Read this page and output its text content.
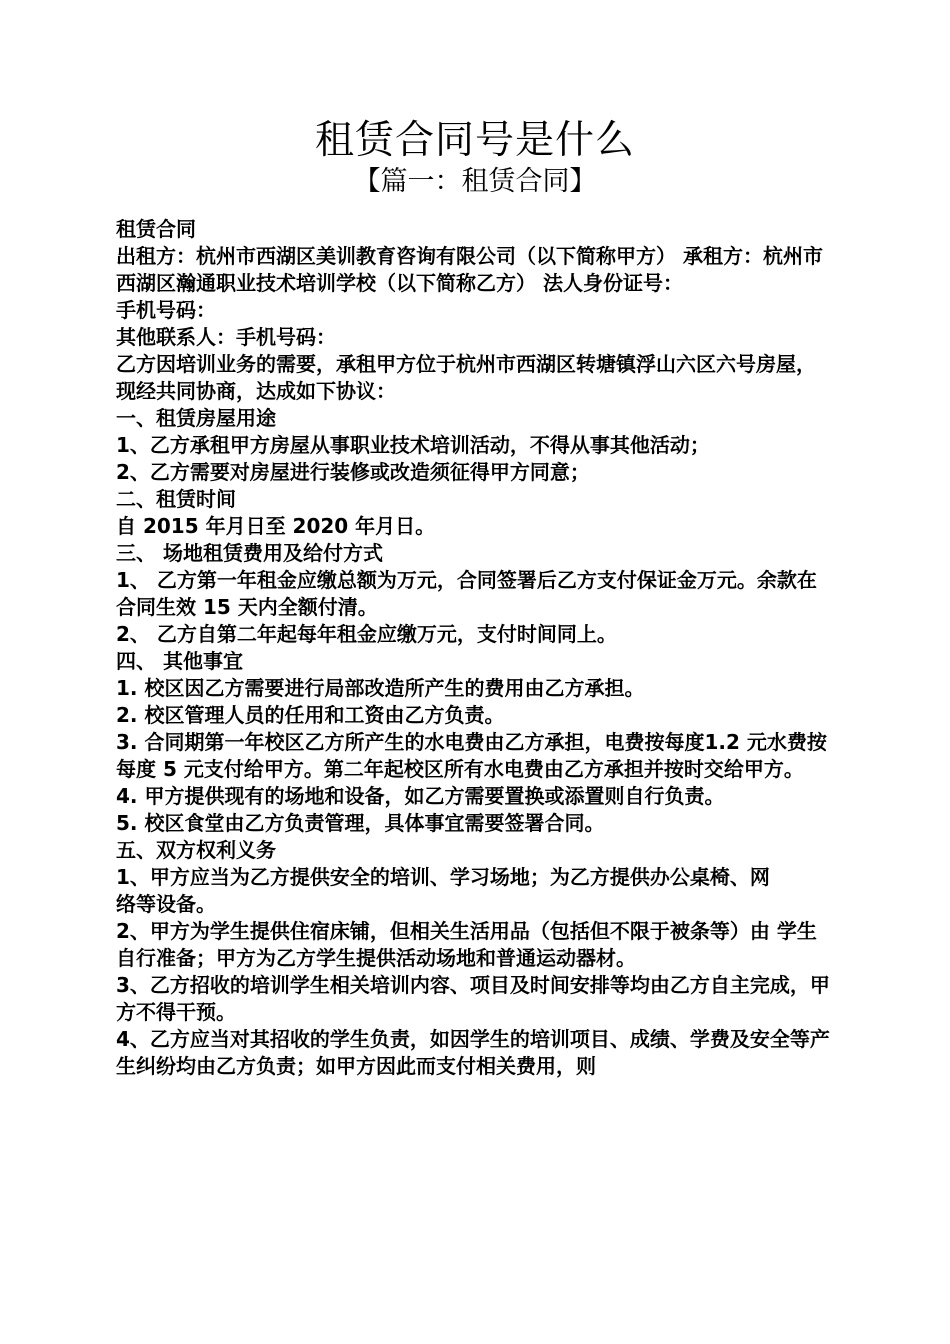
租赁合同号是什么
【篇一：租赁合同】
租赁合同
出租方：杭州市西湖区美训教育咨询有限公司（以下简称甲方） 承租方：杭州市西湖区瀚通职业技术培训学校（以下简称乙方） 法人身份证号：
手机号码：
其他联系人：手机号码：
乙方因培训业务的需要，承租甲方位于杭州市西湖区转塘镇浮山六区六号房屋，现经共同协商，达成如下协议：
一、租赁房屋用途
1、乙方承租甲方房屋从事职业技术培训活动，不得从事其他活动；
2、乙方需要对房屋进行装修或改造须征得甲方同意；
二、租赁时间
自 2015 年月日至 2020 年月日。
三、 场地租赁费用及给付方式
1、 乙方第一年租金应缴总额为万元，合同签署后乙方支付保证金万元。余款在合同生效 15 天内全额付清。
2、 乙方自第二年起每年租金应缴万元，支付时间同上。
四、 其他事宜
1. 校区因乙方需要进行局部改造所产生的费用由乙方承担。
2. 校区管理人员的任用和工资由乙方负责。
3. 合同期第一年校区乙方所产生的水电费由乙方承担，电费按每度1.2 元水费按每度 5 元支付给甲方。第二年起校区所有水电费由乙方承担并按时交给甲方。
4. 甲方提供现有的场地和设备，如乙方需要置换或添置则自行负责。
5. 校区食堂由乙方负责管理，具体事宜需要签署合同。
五、双方权利义务
1、甲方应当为乙方提供安全的培训、学习场地；为乙方提供办公桌椅、网
络等设备。
2、甲方为学生提供住宿床铺，但相关生活用品（包括但不限于被条等）由 学生自行准备；甲方为乙方学生提供活动场地和普通运动器材。
3、乙方招收的培训学生相关培训内容、项目及时间安排等均由乙方自主完成，甲方不得干预。
4、乙方应当对其招收的学生负责，如因学生的培训项目、成绩、学费及安全等产生纠纷均由乙方负责；如甲方因此而支付相关费用，则
